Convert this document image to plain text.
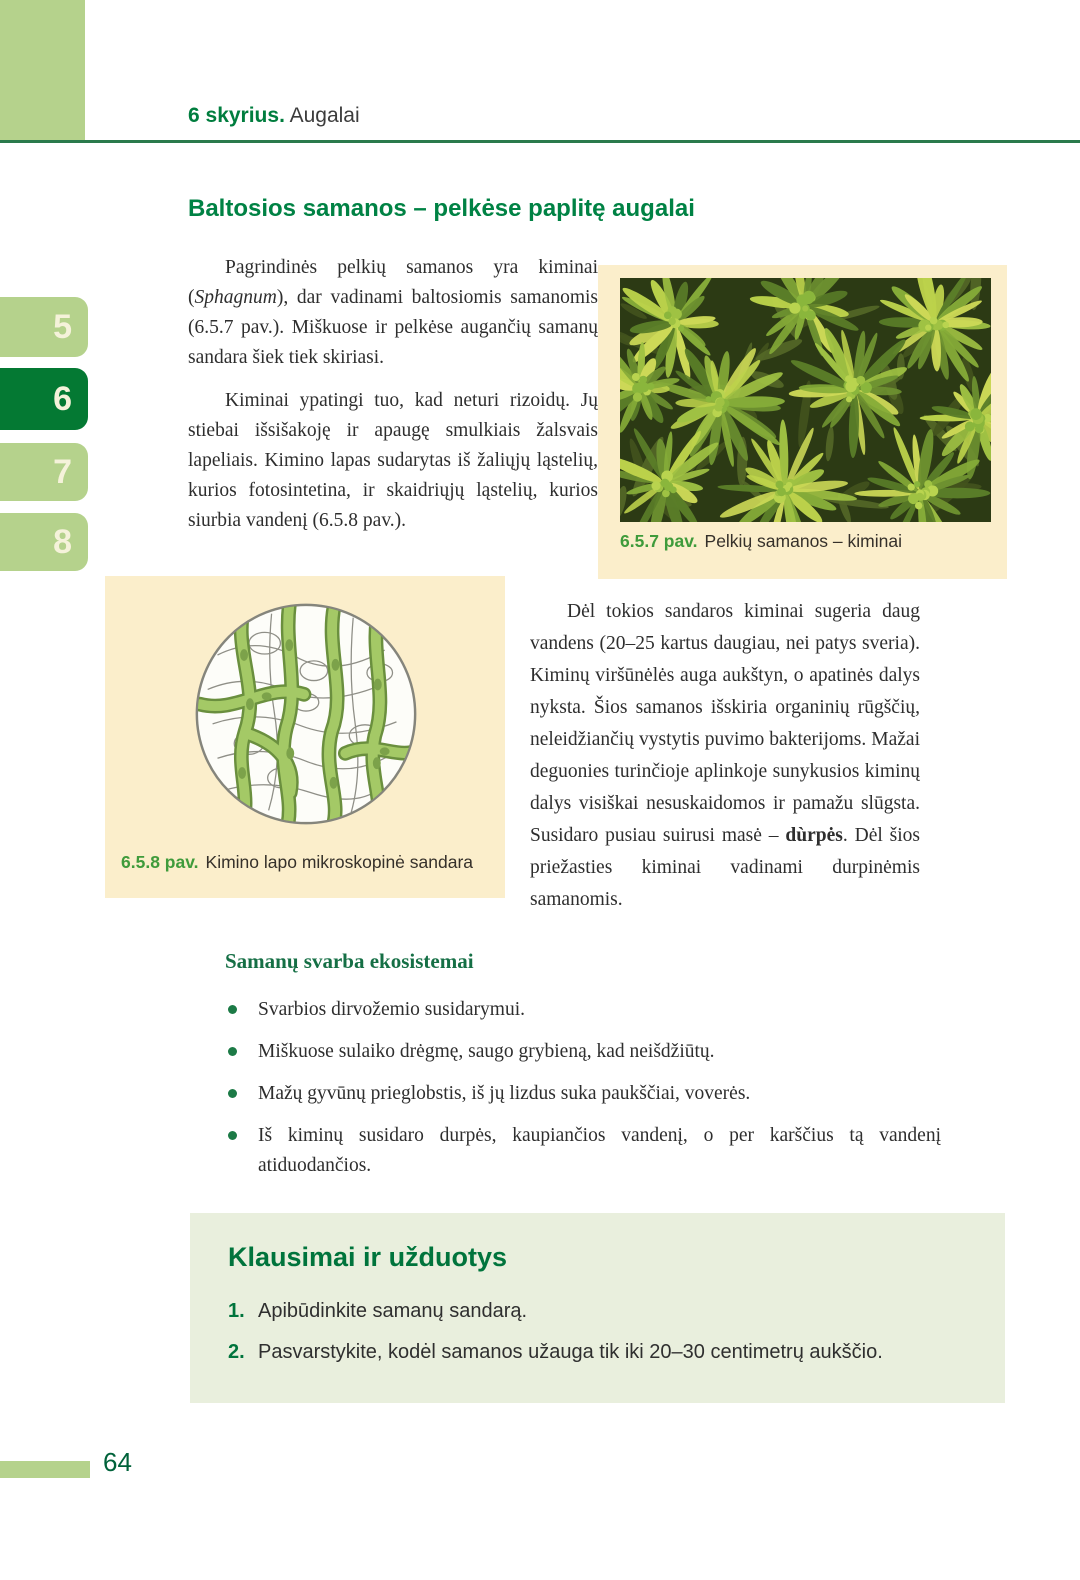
6 skyrius. Augalai
5
6
7
8
Baltosios samanos – pelkėse paplitę augalai

Pagrindinės pelkių samanos yra kiminai (Sphagnum), dar vadinami baltosiomis samanomis (6.5.7 pav.). Miškuose ir pelkėse augančių samanų sandara šiek tiek skiriasi.

Kiminai ypatingi tuo, kad neturi rizoidų. Jų stiebai išsišakoję ir apaugę smulkiais žalsvais lapeliais. Kimino lapas sudarytas iš žaliųjų ląstelių, kurios fotosintetina, ir skaidriųjų ląstelių, kurios siurbia vandenį (6.5.8 pav.).

6.5.7 pav. Pelkių samanos – kiminai
6.5.8 pav. Kimino lapo mikroskopinė sandara

Dėl tokios sandaros kiminai sugeria daug vandens (20–25 kartus daugiau, nei patys sveria). Kiminų viršūnėlės auga aukštyn, o apatinės dalys nyksta. Šios samanos išskiria organinių rūgščių, neleidžiančių vystytis puvimo bakterijoms. Mažai deguonies turinčioje aplinkoje sunykusios kiminų dalys visiškai nesuskaidomos ir pamažu slūgsta. Susidaro pusiau suirusi masė – dùrpės. Dėl šios priežasties kiminai vadinami durpinėmis samanomis.

Samanų svarba ekosistemai
Svarbios dirvožemio susidarymui.
Miškuose sulaiko drėgmę, saugo grybieną, kad neišdžiūtų.
Mažų gyvūnų prieglobstis, iš jų lizdus suka paukščiai, voverės.
Iš kiminų susidaro durpės, kaupiančios vandenį, o per karščius tą vandenį atiduodančios.
Klausimai ir užduotys
1. Apibūdinkite samanų sandarą.
2. Pasvarstykite, kodėl samanos užauga tik iki 20–30 centimetrų aukščio.
64
